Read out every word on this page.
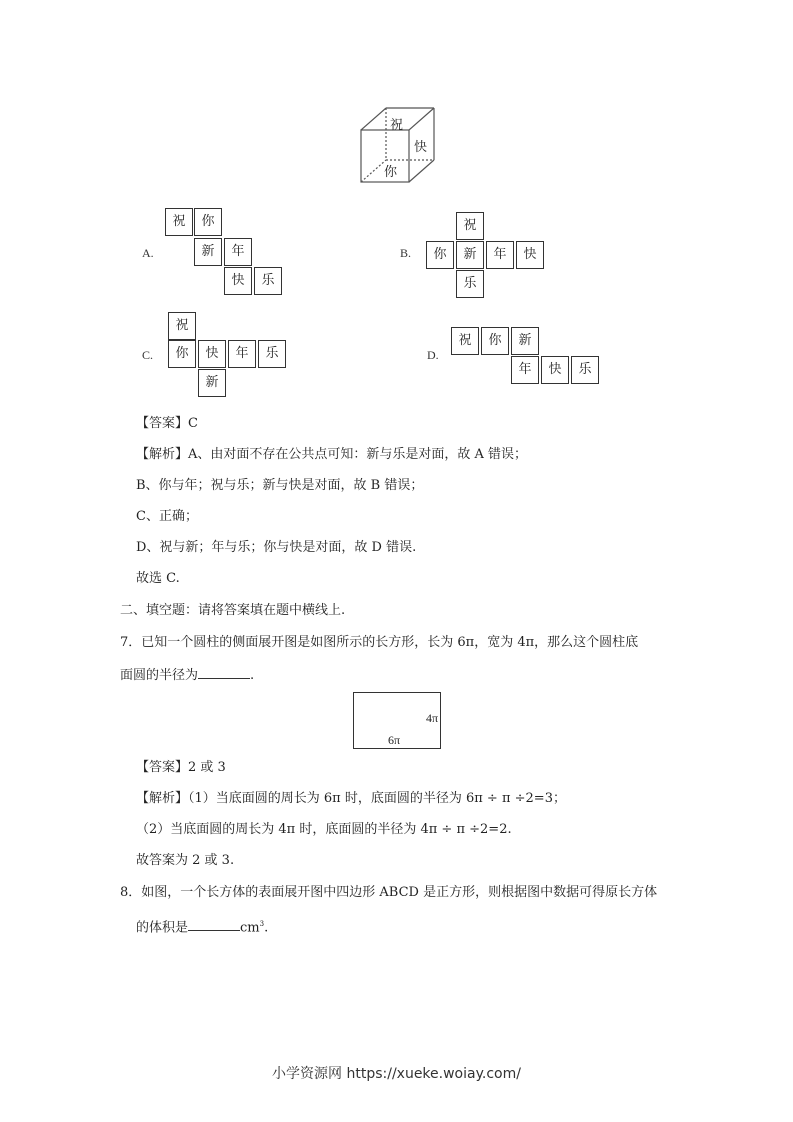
祝
快
你
A.
祝	你
新	年
快	乐
B.
祝
你	新	年	快
乐
C.
祝
你	快	年	乐
新
D.
祝	你	新
年	快	乐
【答案】C
【解析】A、由对面不存在公共点可知：新与乐是对面，故 A 错误；
B、你与年；祝与乐；新与快是对面，故 B 错误；
C、正确；
D、祝与新；年与乐；你与快是对面，故 D 错误.
故选 C.
二、填空题：请将答案填在题中横线上.
7．已知一个圆柱的侧面展开图是如图所示的长方形，长为 6π，宽为 4π，那么这个圆柱底
面圆的半径为	.
4π
6π
【答案】2 或 3
【解析】（1）当底面圆的周长为 6π 时，底面圆的半径为 6π ÷ π ÷2=3；
（2）当底面圆的周长为 4π 时，底面圆的半径为 4π ÷ π ÷2=2.
故答案为 2 或 3.
8．如图，一个长方体的表面展开图中四边形 ABCD 是正方形，则根据图中数据可得原长方体
的体积是	$cm^3$.
小学资源网 https://xueke.woiay.com/
